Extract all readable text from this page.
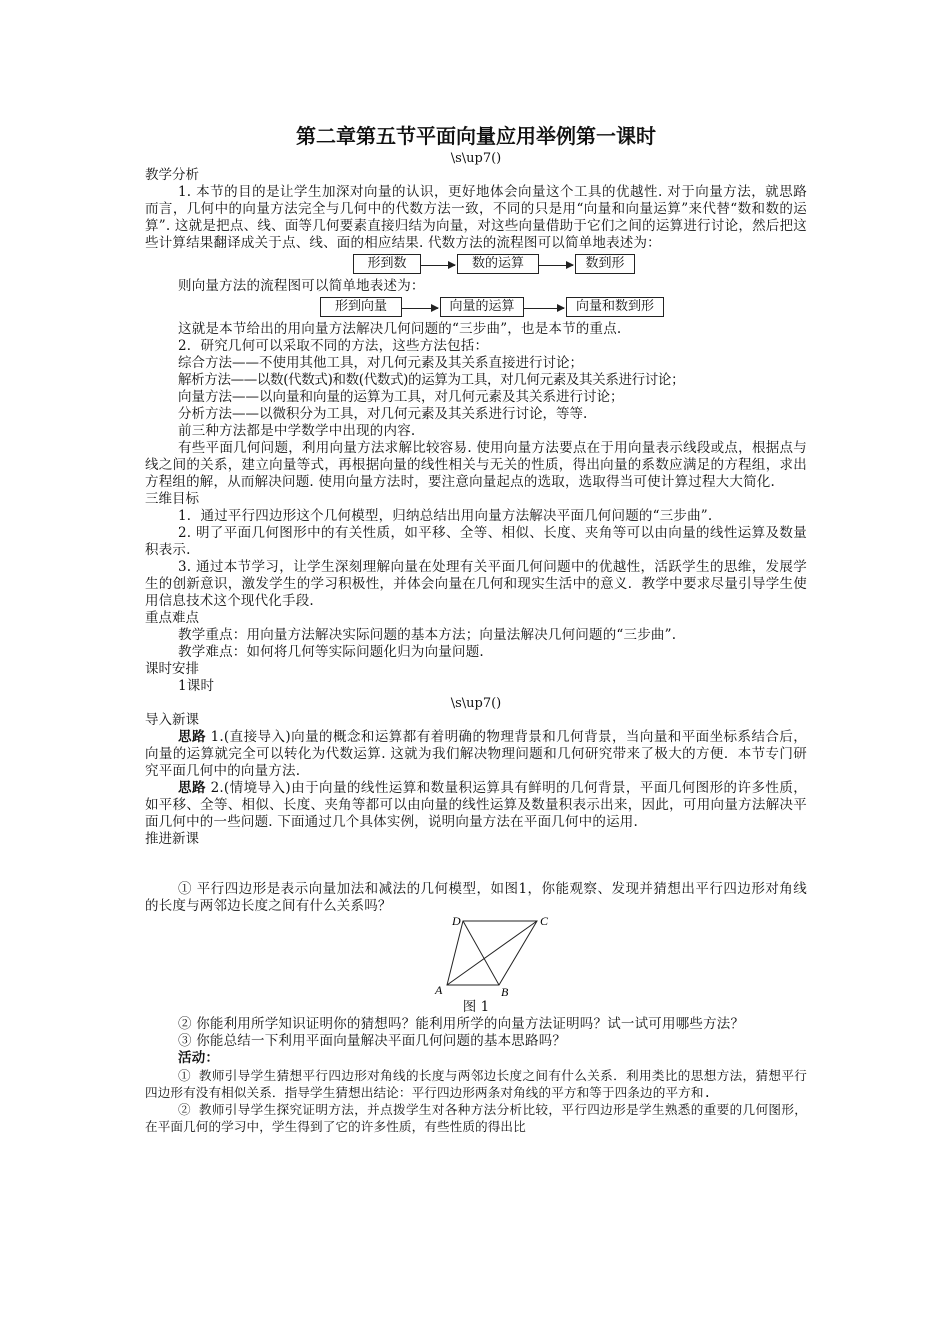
第二章第五节平面向量应用举例第一课时
\s\up7()
教学分析
1. 本节的目的是让学生加深对向量的认识，更好地体会向量这个工具的优越性. 对于向量方法，就思路而言，几何中的向量方法完全与几何中的代数方法一致，不同的只是用“向量和向量运算”来代替“数和数的运算”. 这就是把点、线、面等几何要素直接归结为向量，对这些向量借助于它们之间的运算进行讨论，然后把这些计算结果翻译成关于点、线、面的相应结果. 代数方法的流程图可以简单地表述为：
形到数	数的运算	数到形
则向量方法的流程图可以简单地表述为：
形到向量	向量的运算	向量和数到形
这就是本节给出的用向量方法解决几何问题的“三步曲”，也是本节的重点.
2．研究几何可以采取不同的方法，这些方法包括：
综合方法——不使用其他工具，对几何元素及其关系直接进行讨论；
解析方法——以数(代数式)和数(代数式)的运算为工具，对几何元素及其关系进行讨论；
向量方法——以向量和向量的运算为工具，对几何元素及其关系进行讨论；
分析方法——以微积分为工具，对几何元素及其关系进行讨论，等等.
前三种方法都是中学数学中出现的内容.
有些平面几何问题，利用向量方法求解比较容易. 使用向量方法要点在于用向量表示线段或点，根据点与线之间的关系，建立向量等式，再根据向量的线性相关与无关的性质，得出向量的系数应满足的方程组，求出方程组的解，从而解决问题. 使用向量方法时，要注意向量起点的选取，选取得当可使计算过程大大简化.
三维目标
1．通过平行四边形这个几何模型，归纳总结出用向量方法解决平面几何问题的“三步曲”.
2. 明了平面几何图形中的有关性质，如平移、全等、相似、长度、夹角等可以由向量的线性运算及数量积表示.
3. 通过本节学习，让学生深刻理解向量在处理有关平面几何问题中的优越性，活跃学生的思维，发展学生的创新意识，激发学生的学习积极性，并体会向量在几何和现实生活中的意义．教学中要求尽量引导学生使用信息技术这个现代化手段.
重点难点
教学重点：用向量方法解决实际问题的基本方法；向量法解决几何问题的“三步曲”.
教学难点：如何将几何等实际问题化归为向量问题.
课时安排
1课时
\s\up7()
导入新课
思路 1.(直接导入)向量的概念和运算都有着明确的物理背景和几何背景，当向量和平面坐标系结合后，向量的运算就完全可以转化为代数运算. 这就为我们解决物理问题和几何研究带来了极大的方便．本节专门研究平面几何中的向量方法.
思路 2.(情境导入)由于向量的线性运算和数量积运算具有鲜明的几何背景，平面几何图形的许多性质，如平移、全等、相似、长度、夹角等都可以由向量的线性运算及数量积表示出来，因此，可用向量方法解决平面几何中的一些问题. 下面通过几个具体实例，说明向量方法在平面几何中的运用.
推进新课
① 平行四边形是表示向量加法和减法的几何模型，如图1，你能观察、发现并猜想出平行四边形对角线的长度与两邻边长度之间有什么关系吗？
A	B
C
D
图 1
② 你能利用所学知识证明你的猜想吗？能利用所学的向量方法证明吗？试一试可用哪些方法？
③ 你能总结一下利用平面向量解决平面几何问题的基本思路吗？
活动：
① 教师引导学生猜想平行四边形对角线的长度与两邻边长度之间有什么关系．利用类比的思想方法，猜想平行四边形有没有相似关系．指导学生猜想出结论：平行四边形两条对角线的平方和等于四条边的平方和.
② 教师引导学生探究证明方法，并点拨学生对各种方法分析比较，平行四边形是学生熟悉的重要的几何图形，在平面几何的学习中，学生得到了它的许多性质，有些性质的得出比
